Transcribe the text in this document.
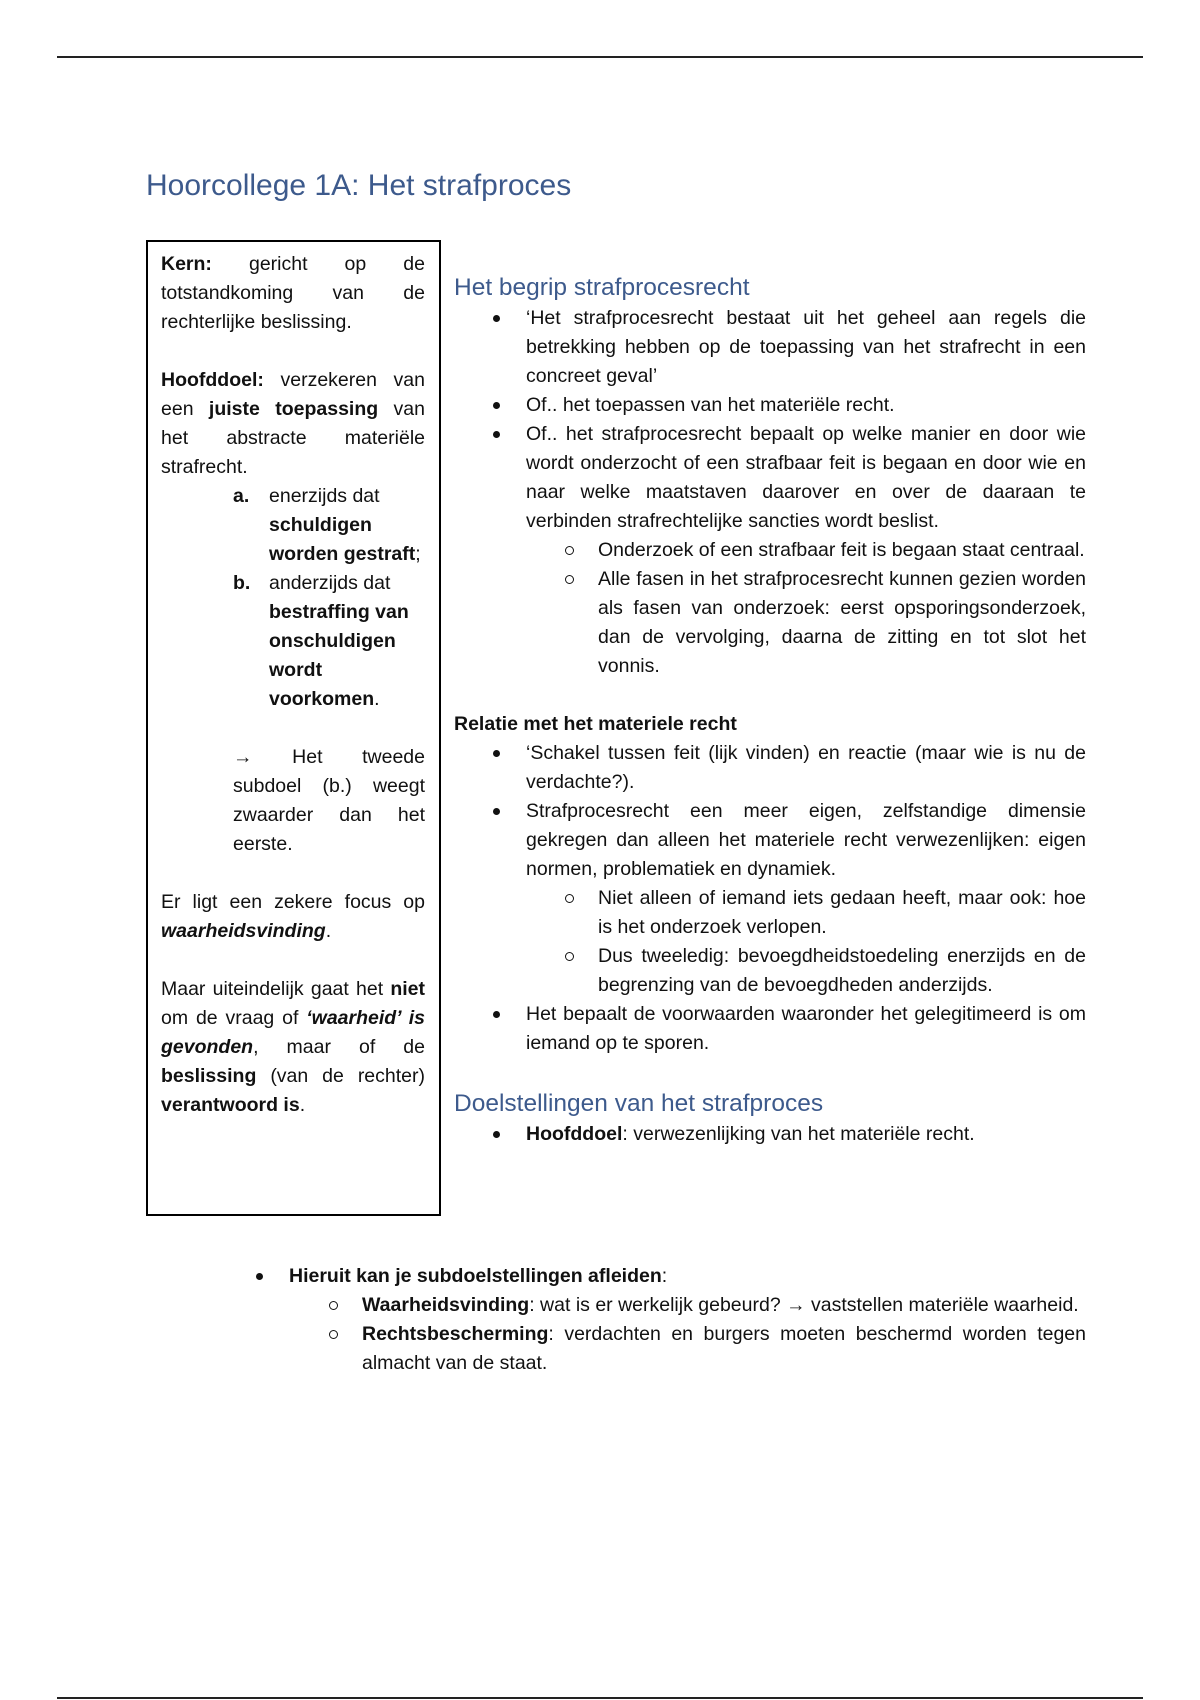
Hoorcollege 1A: Het strafproces

Kern: gericht op de totstandkoming van de rechterlijke beslissing.

Hoofddoel: verzekeren van een juiste toepassing van het abstracte materiële strafrecht.

a. enerzijds dat schuldigen worden gestraft;
b. anderzijds dat bestraffing van onschuldigen wordt voorkomen.

→ Het tweede subdoel (b.) weegt zwaarder dan het eerste.

Er ligt een zekere focus op waarheidsvinding.

Maar uiteindelijk gaat het niet om de vraag of ‘waarheid’ is gevonden, maar of de beslissing (van de rechter) verantwoord is.

Het begrip strafprocesrecht
‘Het strafprocesrecht bestaat uit het geheel aan regels die betrekking hebben op de toepassing van het strafrecht in een concreet geval’
Of.. het toepassen van het materiële recht.
Of.. het strafprocesrecht bepaalt op welke manier en door wie wordt onderzocht of een strafbaar feit is begaan en door wie en naar welke maatstaven daarover en over de daaraan te verbinden strafrechtelijke sancties wordt beslist.
Onderzoek of een strafbaar feit is begaan staat centraal.
Alle fasen in het strafprocesrecht kunnen gezien worden als fasen van onderzoek: eerst opsporingsonderzoek, dan de vervolging, daarna de zitting en tot slot het vonnis.
Relatie met het materiele recht
‘Schakel tussen feit (lijk vinden) en reactie (maar wie is nu de verdachte?).
Strafprocesrecht een meer eigen, zelfstandige dimensie gekregen dan alleen het materiele recht verwezenlijken: eigen normen, problematiek en dynamiek.
Niet alleen of iemand iets gedaan heeft, maar ook: hoe is het onderzoek verlopen.
Dus tweeledig: bevoegdheidstoedeling enerzijds en de begrenzing van de bevoegdheden anderzijds.
Het bepaalt de voorwaarden waaronder het gelegitimeerd is om iemand op te sporen.
Doelstellingen van het strafproces
Hoofddoel: verwezenlijking van het materiële recht.
Hieruit kan je subdoelstellingen afleiden:
Waarheidsvinding: wat is er werkelijk gebeurd? → vaststellen materiële waarheid.
Rechtsbescherming: verdachten en burgers moeten beschermd worden tegen almacht van de staat.
